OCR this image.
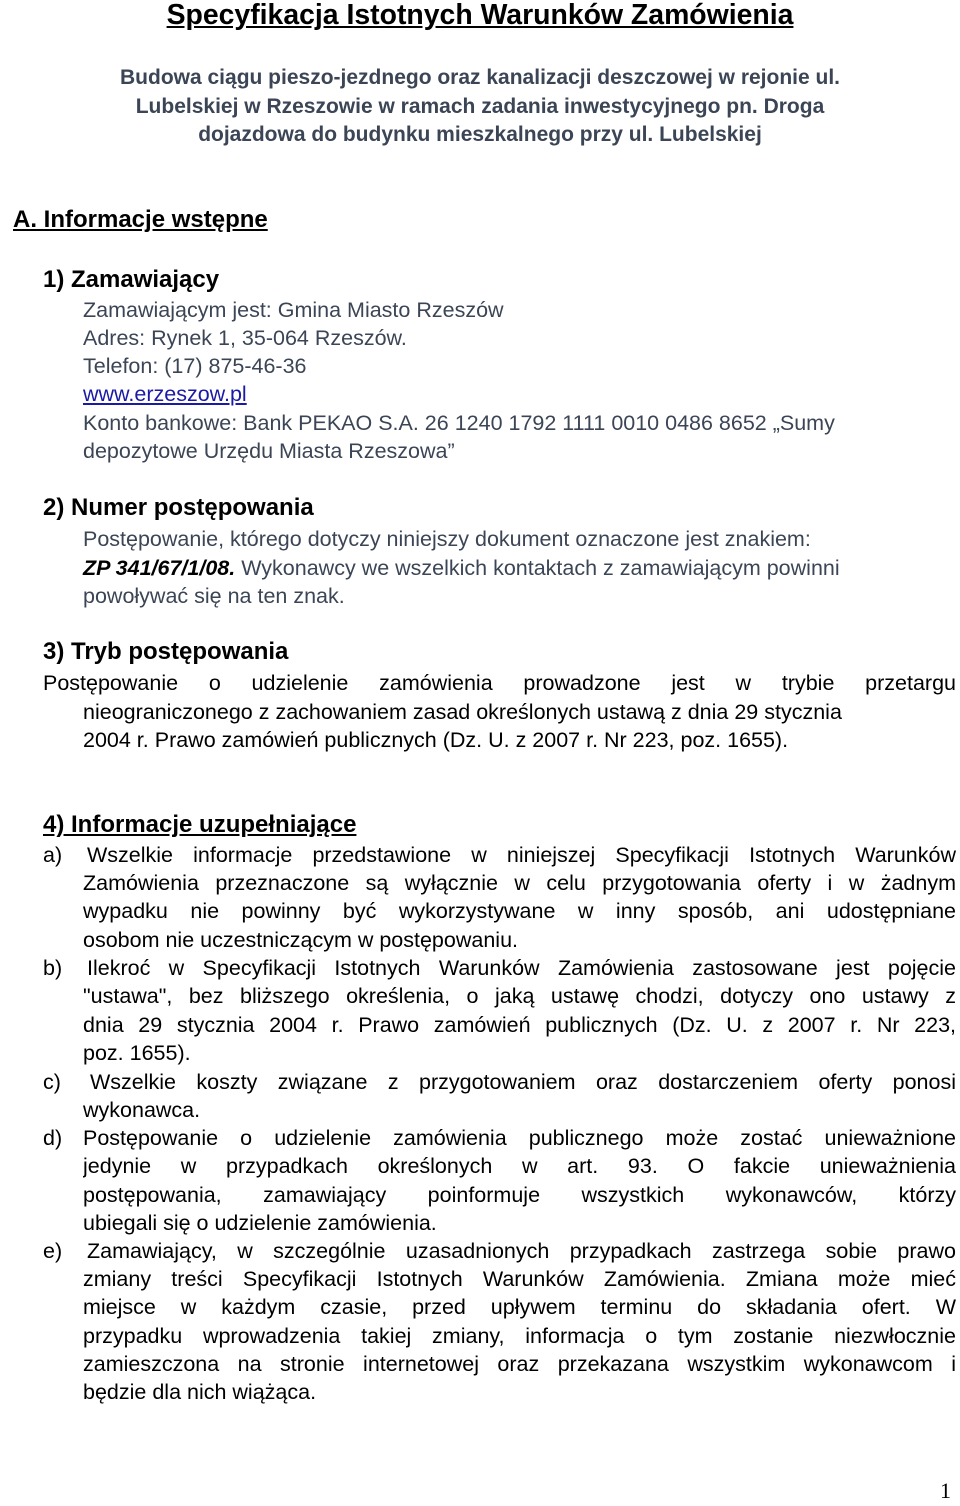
Specyfikacja Istotnych Warunków Zamówienia
Budowa ciągu pieszo-jezdnego oraz kanalizacji deszczowej w rejonie ul. Lubelskiej w Rzeszowie w ramach zadania inwestycyjnego pn. Droga dojazdowa do budynku mieszkalnego przy ul. Lubelskiej
A. Informacje wstępne
1) Zamawiający
Zamawiającym jest: Gmina Miasto Rzeszów
Adres: Rynek 1, 35-064 Rzeszów.
Telefon: (17) 875-46-36
www.erzeszow.pl
Konto bankowe: Bank PEKAO S.A. 26 1240 1792 1111 0010 0486 8652 „Sumy
depozytowe Urzędu Miasta Rzeszowa”
2) Numer postępowania
Postępowanie, którego dotyczy niniejszy dokument oznaczone jest znakiem:
ZP 341/67/1/08. Wykonawcy we wszelkich kontaktach z zamawiającym powinni
powoływać się na ten znak.
3) Tryb postępowania
Postępowanie o udzielenie zamówienia prowadzone jest w trybie przetargu
nieograniczonego z zachowaniem zasad określonych ustawą z dnia 29 stycznia
2004 r. Prawo zamówień publicznych (Dz. U. z 2007 r. Nr 223, poz. 1655).
4) Informacje uzupełniające
a) Wszelkie informacje przedstawione w niniejszej Specyfikacji Istotnych Warunków
Zamówienia przeznaczone są wyłącznie w celu przygotowania oferty i w żadnym
wypadku nie powinny być wykorzystywane w inny sposób, ani udostępniane
osobom nie uczestniczącym w postępowaniu.
b) Ilekroć w Specyfikacji Istotnych Warunków Zamówienia zastosowane jest pojęcie
"ustawa", bez bliższego określenia, o jaką ustawę chodzi, dotyczy ono ustawy z
dnia 29 stycznia 2004 r. Prawo zamówień publicznych (Dz. U. z 2007 r. Nr 223,
poz. 1655).
c) Wszelkie koszty związane z przygotowaniem oraz dostarczeniem oferty ponosi
wykonawca.
d) Postępowanie o udzielenie zamówienia publicznego może zostać unieważnione
jedynie w przypadkach określonych w art. 93. O fakcie unieważnienia
postępowania, zamawiający poinformuje wszystkich wykonawców, którzy
ubiegali się o udzielenie zamówienia.
e) Zamawiający, w szczególnie uzasadnionych przypadkach zastrzega sobie prawo
zmiany treści Specyfikacji Istotnych Warunków Zamówienia. Zmiana może mieć
miejsce w każdym czasie, przed upływem terminu do składania ofert. W
przypadku wprowadzenia takiej zmiany, informacja o tym zostanie niezwłocznie
zamieszczona na stronie internetowej oraz przekazana wszystkim wykonawcom i
będzie dla nich wiążąca.
1
